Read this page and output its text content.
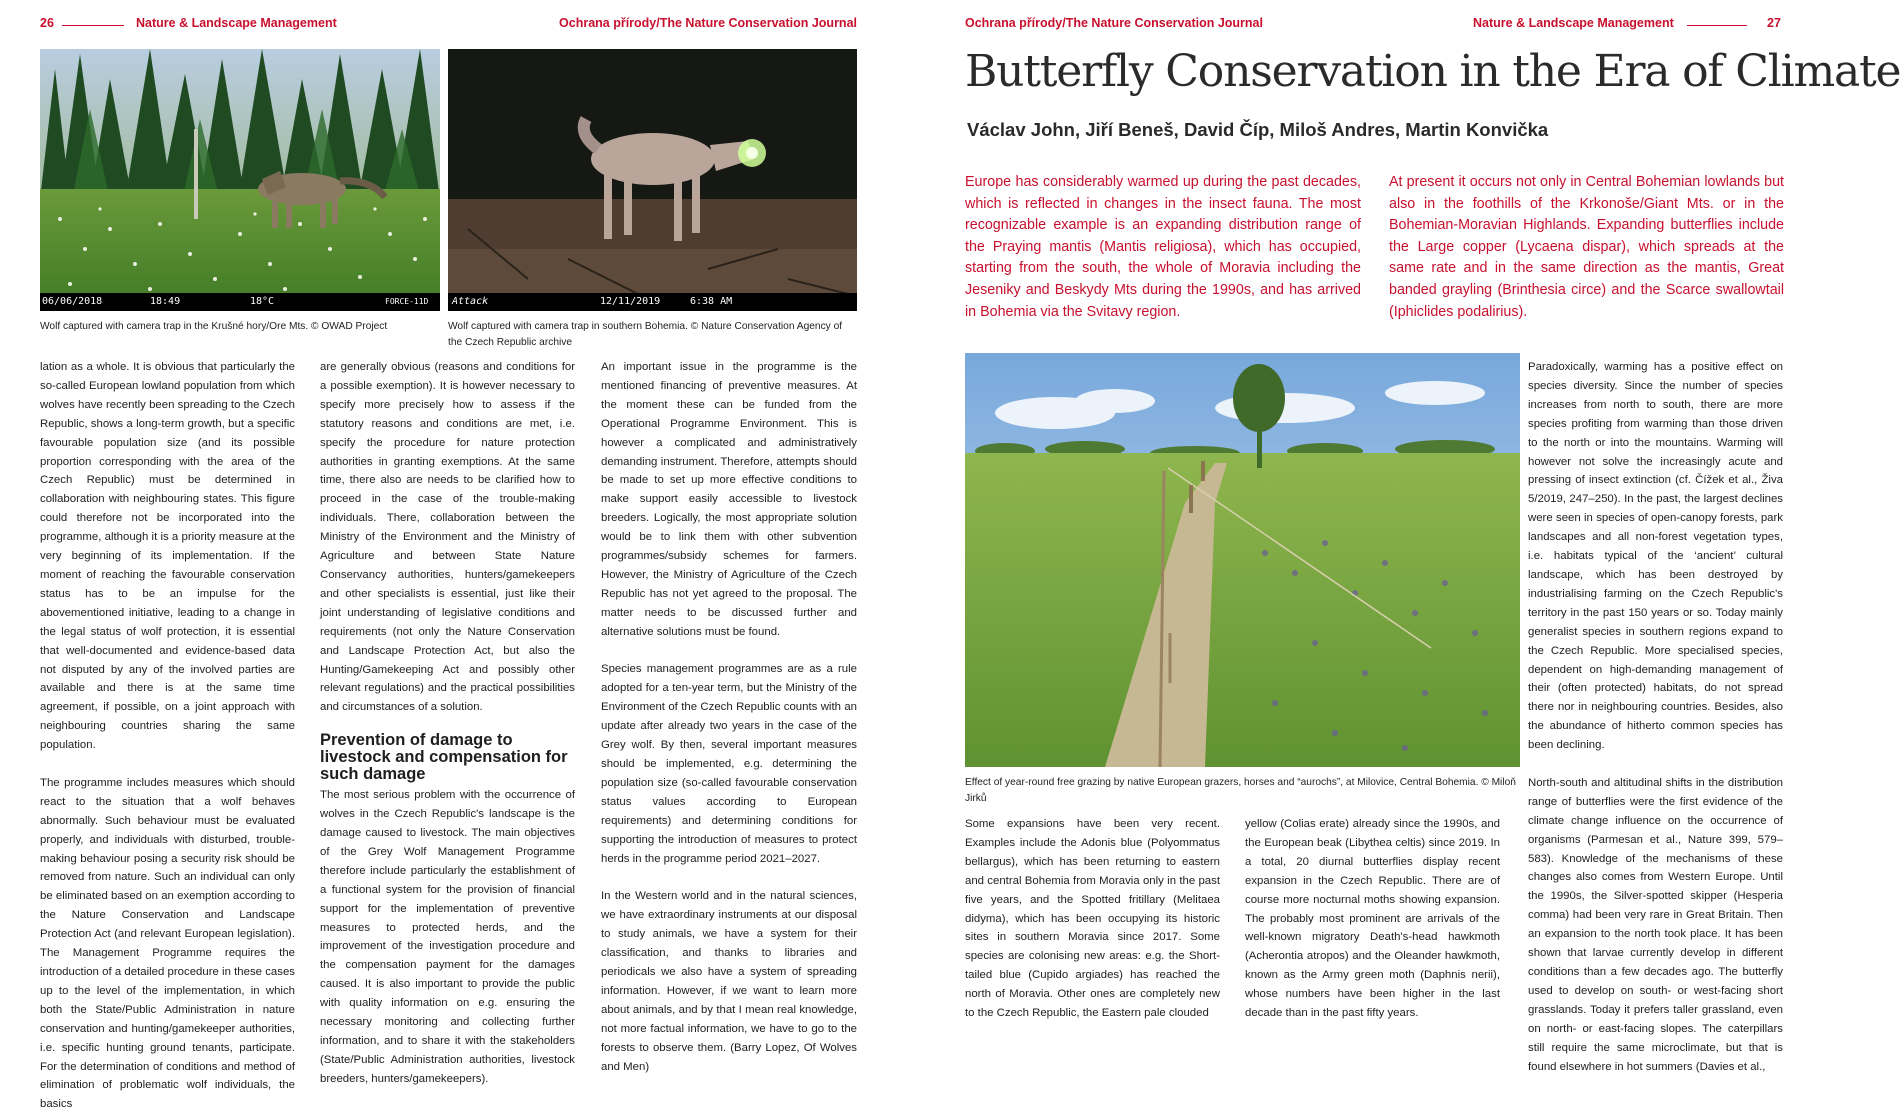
26	Nature & Landscape Management	Ochrana přírody/The Nature Conservation Journal
06/06/2018	18:49	18°C	FORCE-11D
Wolf captured with camera trap in the Krušné hory/Ore Mts. © OWAD Project
Attack	12/11/2019	6:38 AM
Wolf captured with camera trap in southern Bohemia. © Nature Conservation Agency of the Czech Republic archive

lation as a whole. It is obvious that particularly the so-called European lowland population from which wolves have recently been spreading to the Czech Republic, shows a long-term growth, but a specific favourable population size (and its possible proportion corresponding with the area of the Czech Republic) must be determined in collaboration with neighbouring states. This figure could therefore not be incorporated into the programme, although it is a priority measure at the very beginning of its implementation. If the moment of reaching the favourable conservation status has to be an impulse for the abovementioned initiative, leading to a change in the legal status of wolf protection, it is essential that well-documented and evidence-based data not disputed by any of the involved parties are available and there is at the same time agreement, if possible, on a joint approach with neighbouring countries sharing the same population.

The programme includes measures which should react to the situation that a wolf behaves abnormally. Such behaviour must be evaluated properly, and individuals with disturbed, trouble-making behaviour posing a security risk should be removed from nature. Such an individual can only be eliminated based on an exemption according to the Nature Conservation and Landscape Protection Act (and relevant European legislation). The Management Programme requires the introduction of a detailed procedure in these cases up to the level of the implementation, in which both the State/Public Administration in nature conservation and hunting/gamekeeper authorities, i.e. specific hunting ground tenants, participate. For the determination of conditions and method of elimination of problematic wolf individuals, the basics

are generally obvious (reasons and conditions for a possible exemption). It is however necessary to specify more precisely how to assess if the statutory reasons and conditions are met, i.e. specify the procedure for nature protection authorities in granting exemptions. At the same time, there also are needs to be clarified how to proceed in the case of the trouble-making individuals. There, collaboration between the Ministry of the Environment and the Ministry of Agriculture and between State Nature Conservancy authorities, hunters/gamekeepers and other specialists is essential, just like their joint understanding of legislative conditions and requirements (not only the Nature Conservation and Landscape Protection Act, but also the Hunting/Gamekeeping Act and possibly other relevant regulations) and the practical possibilities and circumstances of a solution.

Prevention of damage to livestock and compensation for such damage

The most serious problem with the occurrence of wolves in the Czech Republic's landscape is the damage caused to livestock. The main objectives of the Grey Wolf Management Programme therefore include particularly the establishment of a functional system for the provision of financial support for the implementation of preventive measures to protected herds, and the improvement of the investigation procedure and the compensation payment for the damages caused. It is also important to provide the public with quality information on e.g. ensuring the necessary monitoring and collecting further information, and to share it with the stakeholders (State/Public Administration authorities, livestock breeders, hunters/gamekeepers).

An important issue in the programme is the mentioned financing of preventive measures. At the moment these can be funded from the Operational Programme Environment. This is however a complicated and administratively demanding instrument. Therefore, attempts should be made to set up more effective conditions to make support easily accessible to livestock breeders. Logically, the most appropriate solution would be to link them with other subvention programmes/subsidy schemes for farmers. However, the Ministry of Agriculture of the Czech Republic has not yet agreed to the proposal. The matter needs to be discussed further and alternative solutions must be found.

Species management programmes are as a rule adopted for a ten-year term, but the Ministry of the Environment of the Czech Republic counts with an update after already two years in the case of the Grey wolf. By then, several important measures should be implemented, e.g. determining the population size (so-called favourable conservation status values according to European requirements) and determining conditions for supporting the introduction of measures to protect herds in the programme period 2021–2027.

In the Western world and in the natural sciences, we have extraordinary instruments at our disposal to study animals, we have a system for their classification, and thanks to libraries and periodicals we also have a system of spreading information. However, if we want to learn more about animals, and by that I mean real knowledge, not more factual information, we have to go to the forests to observe them. (Barry Lopez, Of Wolves and Men)

Ochrana přírody/The Nature Conservation Journal	Nature & Landscape Management	27
Butterfly Conservation in the Era of Climate
Václav John, Jiří Beneš, David Číp, Miloš Andres, Martin Konvička
Europe has considerably warmed up during the past decades, which is reflected in changes in the insect fauna. The most recognizable example is an expanding distribution range of the Praying mantis (Mantis religiosa), which has occupied, starting from the south, the whole of Moravia including the Jeseniky and Beskydy Mts during the 1990s, and has arrived in Bohemia via the Svitavy region.
At present it occurs not only in Central Bohemian lowlands but also in the foothills of the Krkonoše/Giant Mts. or in the Bohemian-Moravian Highlands. Expanding butterflies include the Large copper (Lycaena dispar), which spreads at the same rate and in the same direction as the mantis, Great banded grayling (Brinthesia circe) and the Scarce swallowtail (Iphiclides podalirius).
Effect of year-round free grazing by native European grazers, horses and “aurochs”, at Milovice, Central Bohemia. © Miloň Jirků

Paradoxically, warming has a positive effect on species diversity. Since the number of species increases from north to south, there are more species profiting from warming than those driven to the north or into the mountains. Warming will however not solve the increasingly acute and pressing of insect extinction (cf. Čížek et al., Živa 5/2019, 247–250). In the past, the largest declines were seen in species of open-canopy forests, park landscapes and all non-forest vegetation types, i.e. habitats typical of the ‘ancient’ cultural landscape, which has been destroyed by industrialising farming on the Czech Republic's territory in the past 150 years or so. Today mainly generalist species in southern regions expand to the Czech Republic. More specialised species, dependent on high-demanding management of their (often protected) habitats, do not spread there nor in neighbouring countries. Besides, also the abundance of hitherto common species has been declining.

North-south and altitudinal shifts in the distribution range of butterflies were the first evidence of the climate change influence on the occurrence of organisms (Parmesan et al., Nature 399, 579–583). Knowledge of the mechanisms of these changes also comes from Western Europe. Until the 1990s, the Silver-spotted skipper (Hesperia comma) had been very rare in Great Britain. Then an expansion to the north took place. It has been shown that larvae currently develop in different conditions than a few decades ago. The butterfly used to develop on south- or west-facing short grasslands. Today it prefers taller grassland, even on north- or east-facing slopes. The caterpillars still require the same microclimate, but that is found elsewhere in hot summers (Davies et al.,

Some expansions have been very recent. Examples include the Adonis blue (Polyommatus bellargus), which has been returning to eastern and central Bohemia from Moravia only in the past five years, and the Spotted fritillary (Melitaea didyma), which has been occupying its historic sites in southern Moravia since 2017. Some species are colonising new areas: e.g. the Short-tailed blue (Cupido argiades) has reached the north of Moravia. Other ones are completely new to the Czech Republic, the Eastern pale clouded

yellow (Colias erate) already since the 1990s, and the European beak (Libythea celtis) since 2019. In a total, 20 diurnal butterflies display recent expansion in the Czech Republic. There are of course more nocturnal moths showing expansion. The probably most prominent are arrivals of the well-known migratory Death's-head hawkmoth (Acherontia atropos) and the Oleander hawkmoth, known as the Army green moth (Daphnis nerii), whose numbers have been higher in the last decade than in the past fifty years.
